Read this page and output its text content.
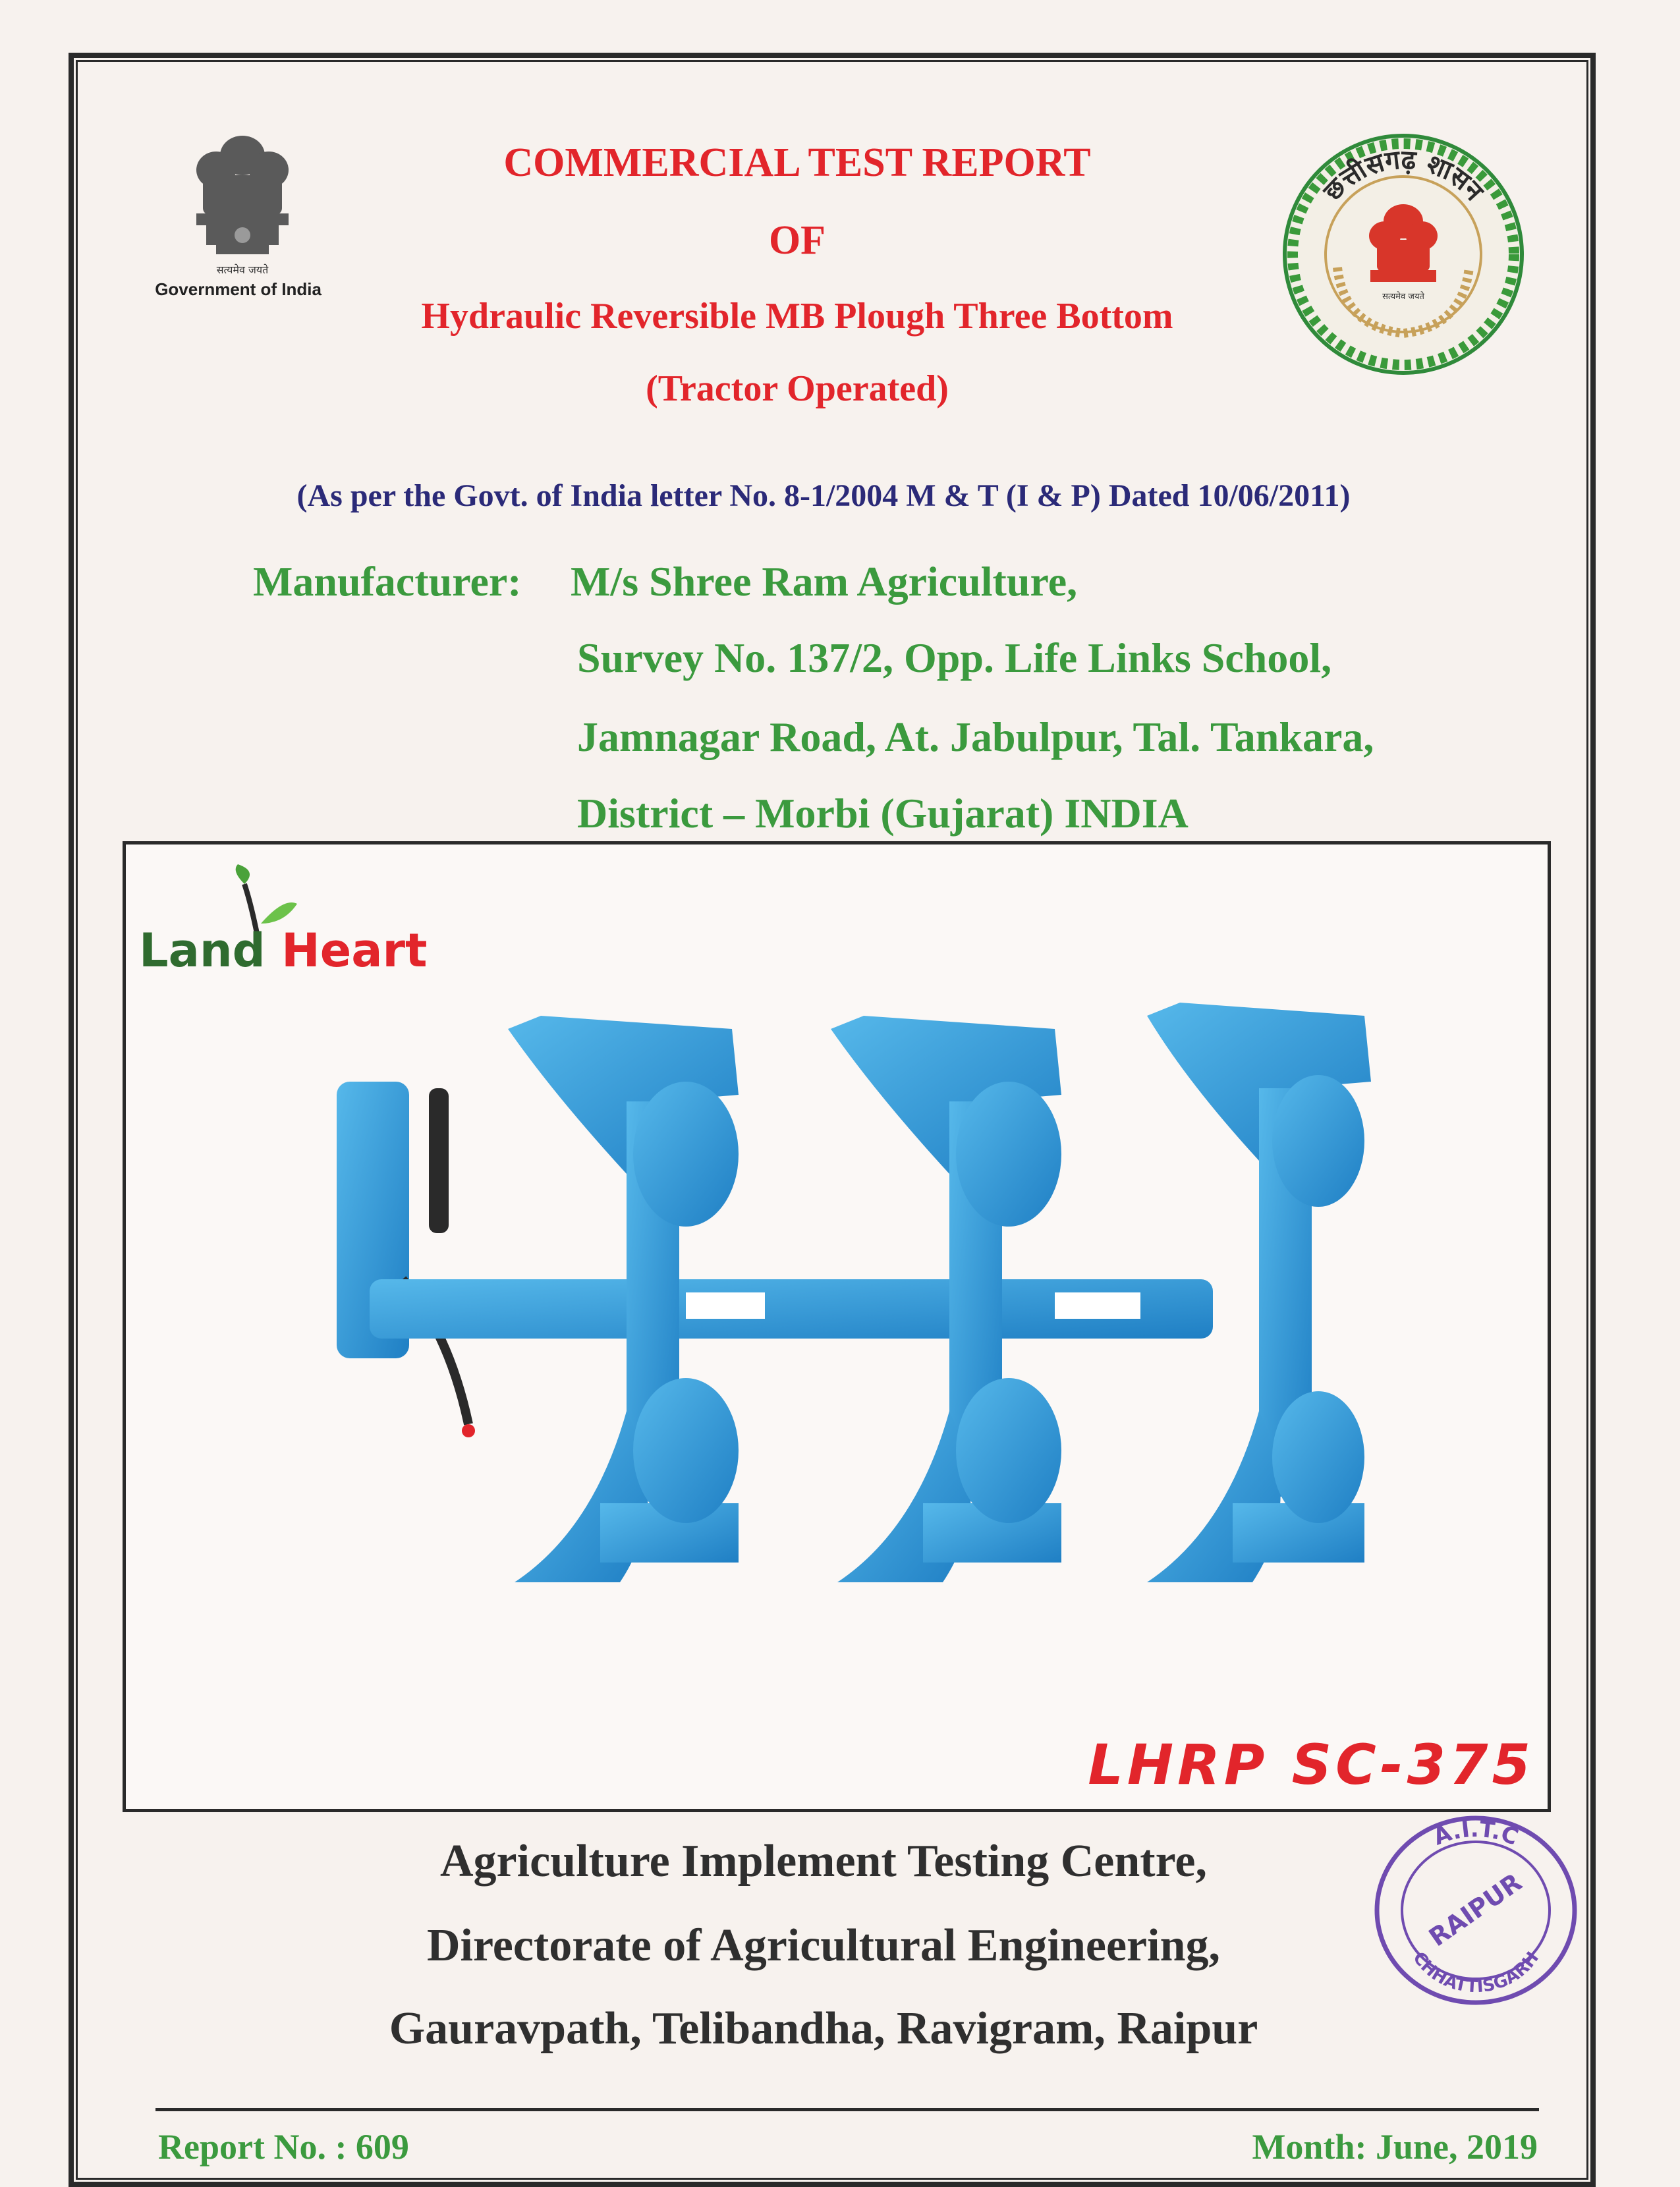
सत्यमेव जयते
Government of India	सत्यमेव जयते
छत्तीसगढ़ शासन
COMMERCIAL TEST REPORT
OF
Hydraulic Reversible MB Plough Three Bottom
(Tractor Operated)
(As per the Govt. of India letter No. 8-1/2004 M & T (I & P) Dated 10/06/2011)
Manufacturer:	M/s Shree Ram Agriculture,
Survey No. 137/2, Opp. Life Links School,
Jamnagar Road, At. Jabulpur, Tal. Tankara,
District – Morbi (Gujarat) INDIA
Land Heart
LHRP SC-375
Agriculture Implement Testing Centre,
Directorate of Agricultural Engineering,
Gauravpath, Telibandha, Ravigram, Raipur
A.I.T.C
CHHATTISGARH
RAIPUR
Report No. : 609	Month: June, 2019
